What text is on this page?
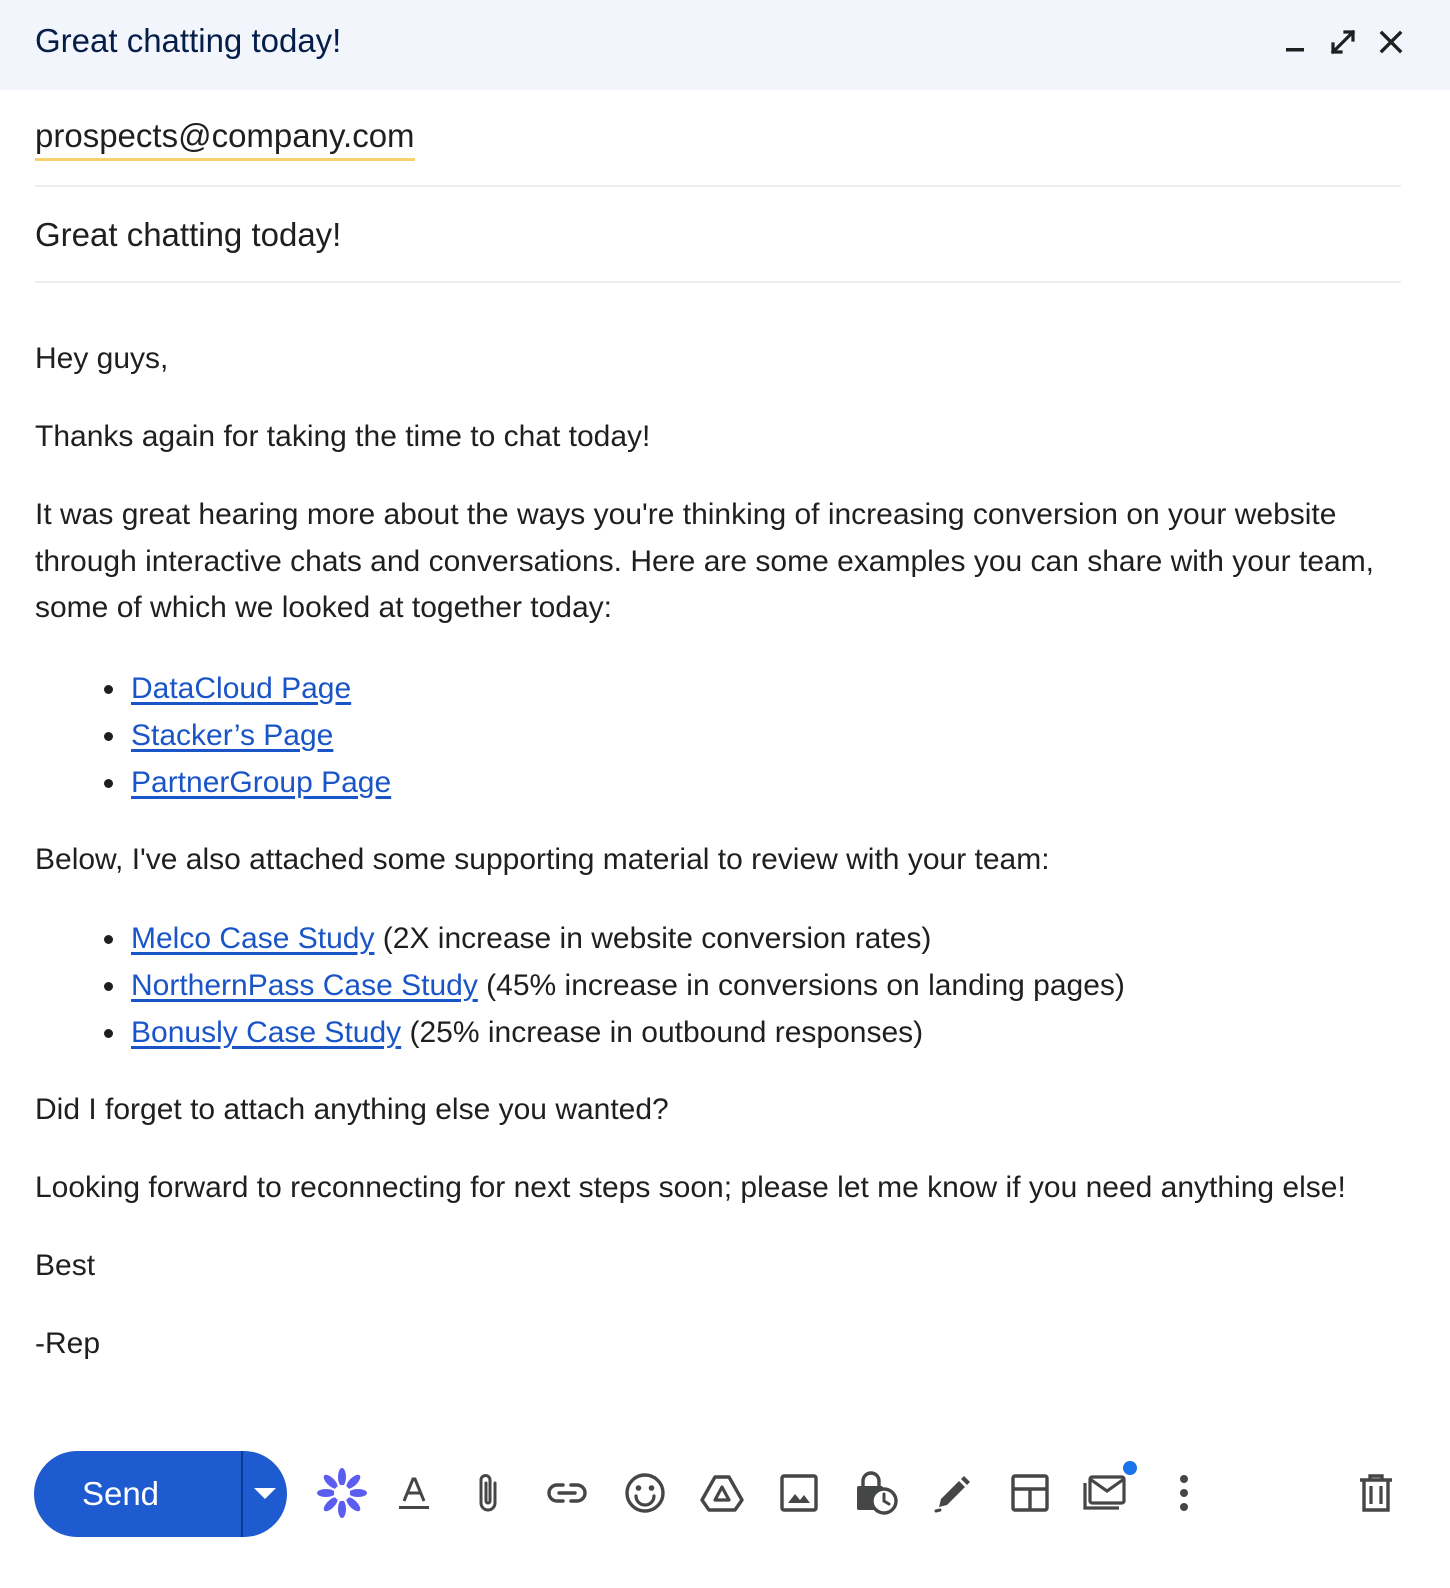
Great chatting today!
prospects@company.com
Great chatting today!

Hey guys,

Thanks again for taking the time to chat today!

It was great hearing more about the ways you're thinking of increasing conversion on your website through interactive chats and conversations. Here are some examples you can share with your team, some of which we looked at together today:

DataCloud Page
Stacker’s Page
PartnerGroup Page

Below, I've also attached some supporting material to review with your team:

Melco Case Study (2X increase in website conversion rates)
NorthernPass Case Study (45% increase in conversions on landing pages)
Bonusly Case Study (25% increase in outbound responses)

Did I forget to attach anything else you wanted?

Looking forward to reconnecting for next steps soon; please let me know if you need anything else!

Best

-Rep

Send
